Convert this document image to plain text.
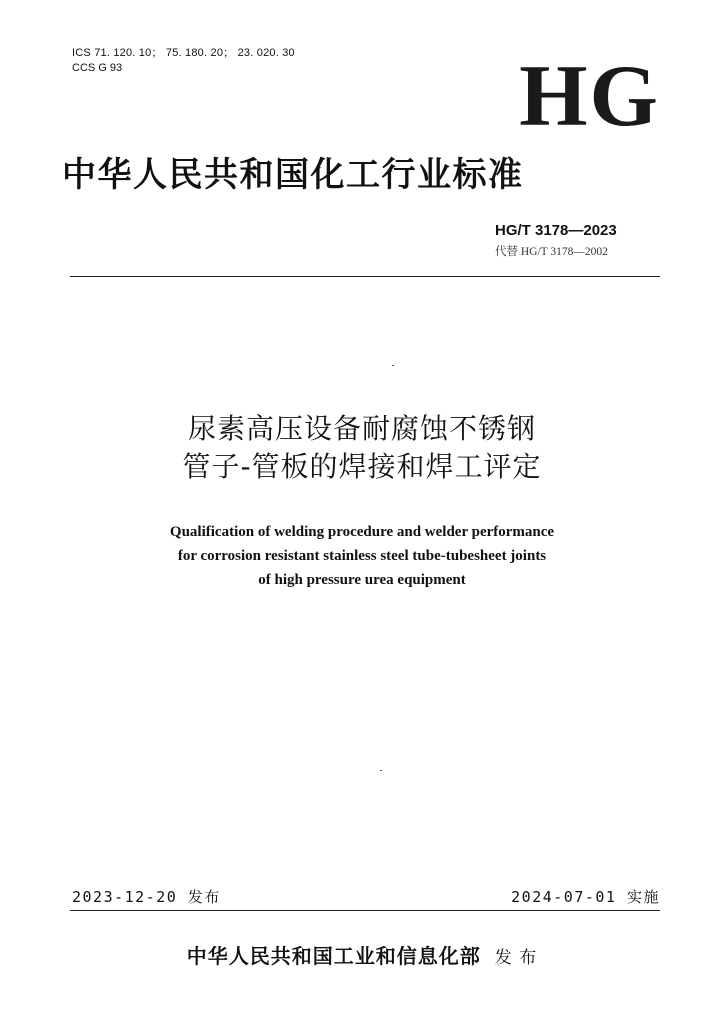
ICS 71. 120. 10； 75. 180. 20； 23. 020. 30
CCS G 93	HG
中华人民共和国化工行业标准
HG/T 3178—2023
代替 HG/T 3178—2002
尿素高压设备耐腐蚀不锈钢
管子-管板的焊接和焊工评定
Qualification of welding procedure and welder performance
for corrosion resistant stainless steel tube-tubesheet joints
of high pressure urea equipment
2023-12-20 发布	2024-07-01 实施
中华人民共和国工业和信息化部 发 布
